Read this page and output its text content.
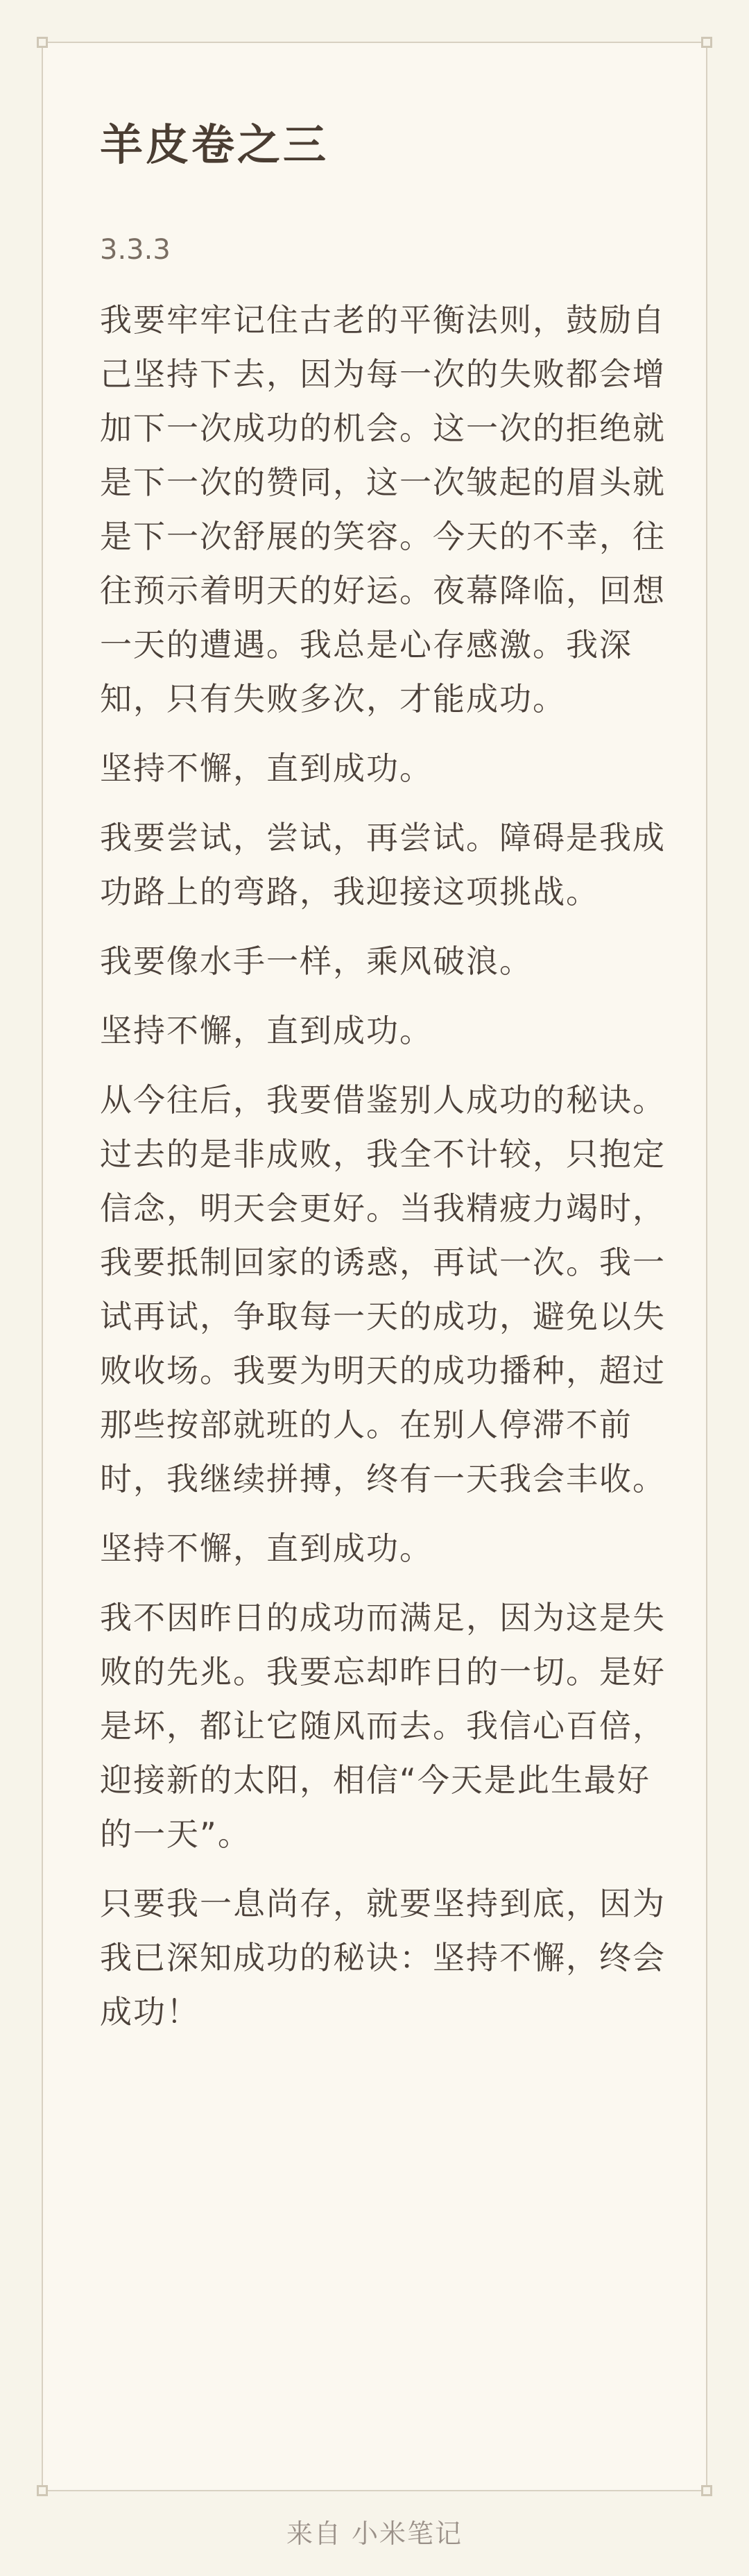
羊皮卷之三
3.3.3

我要牢牢记住古老的平衡法则，鼓励自己坚持下去，因为每一次的失败都会增加下一次成功的机会。这一次的拒绝就是下一次的赞同，这一次皱起的眉头就是下一次舒展的笑容。今天的不幸，往往预示着明天的好运。夜幕降临，回想一天的遭遇。我总是心存感激。我深知，只有失败多次，才能成功。

坚持不懈，直到成功。

我要尝试，尝试，再尝试。障碍是我成功路上的弯路，我迎接这项挑战。

我要像水手一样，乘风破浪。

坚持不懈，直到成功。

从今往后，我要借鉴别人成功的秘诀。过去的是非成败，我全不计较，只抱定信念，明天会更好。当我精疲力竭时，我要抵制回家的诱惑，再试一次。我一试再试，争取每一天的成功，避免以失败收场。我要为明天的成功播种，超过那些按部就班的人。在别人停滞不前时，我继续拼搏，终有一天我会丰收。

坚持不懈，直到成功。

我不因昨日的成功而满足，因为这是失败的先兆。我要忘却昨日的一切。是好是坏，都让它随风而去。我信心百倍，迎接新的太阳，相信“今天是此生最好的一天”。

只要我一息尚存，就要坚持到底，因为我已深知成功的秘诀：坚持不懈，终会成功！

来自 小米笔记
